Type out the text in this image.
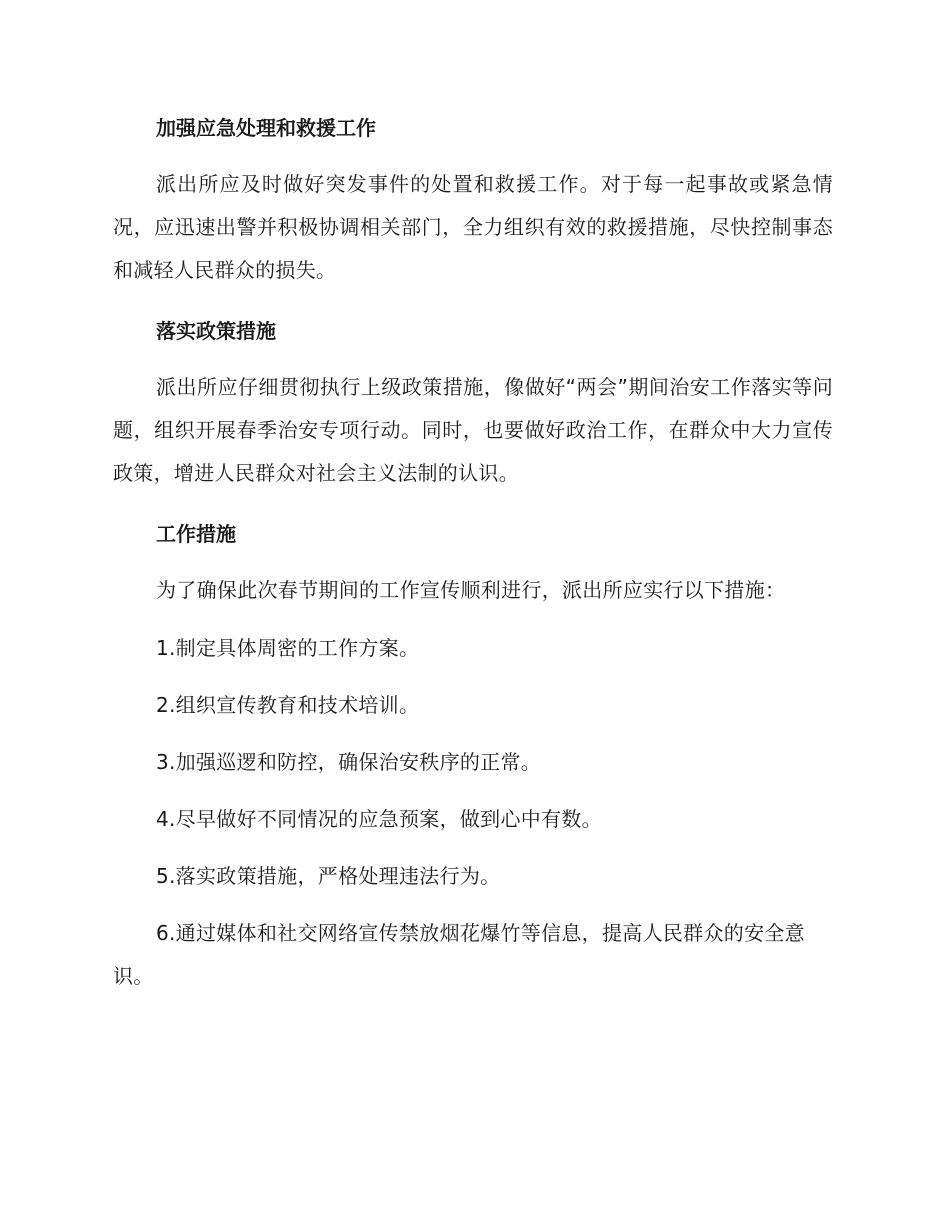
加强应急处理和救援工作
派出所应及时做好突发事件的处置和救援工作。对于每一起事故或紧急情况，应迅速出警并积极协调相关部门，全力组织有效的救援措施，尽快控制事态和减轻人民群众的损失。
落实政策措施
派出所应仔细贯彻执行上级政策措施，像做好“两会”期间治安工作落实等问题，组织开展春季治安专项行动。同时，也要做好政治工作，在群众中大力宣传政策，增进人民群众对社会主义法制的认识。
工作措施
为了确保此次春节期间的工作宣传顺利进行，派出所应实行以下措施：
1.制定具体周密的工作方案。
2.组织宣传教育和技术培训。
3.加强巡逻和防控，确保治安秩序的正常。
4.尽早做好不同情况的应急预案，做到心中有数。
5.落实政策措施，严格处理违法行为。
6.通过媒体和社交网络宣传禁放烟花爆竹等信息，提高人民群众的安全意识。
